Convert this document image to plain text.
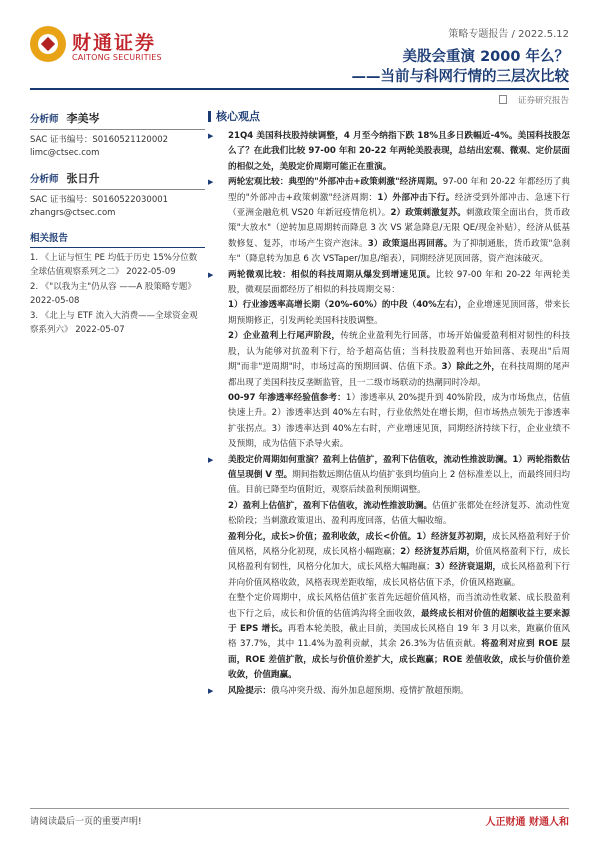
财通证券
CAITONG SECURITIES
策略专题报告 / 2022.5.12
美股会重演 2000 年么？
——当前与科网行情的三层次比较
证券研究报告
分析师 李美岑
SAC 证书编号：S0160521120002
limc@ctsec.com
分析师 张日升
SAC 证书编号：S0160522030001
zhangrs@ctsec.com
相关报告
1. 《上证与恒生 PE 均低于历史 15%分位数 全球估值观察系列之二》 2022-05-09
2. 《"以我为主"仍从容 ——A 股策略专题》 2022-05-08
3. 《北上与 ETF 流入大消费——全球资金观察系列六》 2022-05-07
核心观点

▶ 21Q4 美国科技股持续调整，4 月至今纳指下跌 18%且多日跌幅近-4%。美国科技股怎么了？在此我们比较 97-00 年和 20-22 年两轮美股表现，总结出宏观、微观、定价层面的相似之处，美股定价周期可能正在重演。

▶ 两轮宏观比较：典型的"外部冲击+政策刺激"经济周期。97-00 年和 20-22 年都经历了典型的"外部冲击+政策刺激"经济周期：1）外部冲击下行。经济受到外部冲击、急速下行（亚洲金融危机 VS20 年新冠疫情危机）。2）政策刺激复苏。刺激政策全面出台，货币政策"大放水"（逆转加息周期转而降息 3 次 VS 紧急降息/无限 QE/现金补贴），经济从低基数修复、复苏，市场产生资产泡沫。3）政策退出再回落。为了抑制通胀，货币政策"急刹车"（降息转为加息 6 次 VSTaper/加息/缩表），同期经济见顶回落，资产泡沫破灭。

▶ 两轮微观比较：相似的科技周期从爆发到增速见顶。比较 97-00 年和 20-22 年两轮美股，微观层面都经历了相似的科技周期交易：
1）行业渗透率高增长期（20%-60%）的中段（40%左右），企业增速见顶回落，带来长期预期修正，引发两轮美国科技股调整。
2）企业盈利上行尾声阶段，传统企业盈利先行回落，市场开始偏爱盈利相对韧性的科技股，认为能够对抗盈利下行，给予超高估值；当科技股盈利也开始回落、表现出"后周期"而非"逆周期"时，市场过高的预期回调、估值下杀。3）除此之外，在科技周期的尾声都出现了美国科技反垄断监管，且一二级市场联动的热潮同时冷却。

00-97 年渗透率经验值参考：1）渗透率从 20%提升到 40%阶段，成为市场焦点，估值快速上升。2）渗透率达到 40%左右时，行业依然处在增长期，但市场热点领先于渗透率扩张拐点。3）渗透率达到 40%左右时，产业增速见顶，同期经济持续下行，企业业绩不及预期，成为估值下杀导火索。

▶ 美股定价周期如何重演？盈利上估值扩，盈利下估值收，流动性推波助澜。1）两轮指数估值呈现倒 V 型。期间指数远期估值从均值扩张到均值向上 2 倍标准差以上，而最终回归均值。目前已降至均值附近，观察后续盈利预期调整。
2）盈利上估值扩，盈利下估值收，流动性推波助澜。估值扩张都处在经济复苏、流动性宽松阶段；当刺激政策退出、盈利再度回落，估值大幅收缩。
盈利分化，成长>价值；盈利收敛，成长<价值。1）经济复苏初期，成长风格盈利好于价值风格，风格分化初现，成长风格小幅跑赢；2）经济复苏后期，价值风格盈利下行，成长风格盈利有韧性，风格分化加大，成长风格大幅跑赢；3）经济衰退期，成长风格盈利下行并向价值风格收敛，风格表现差距收缩，成长风格估值下杀，价值风格跑赢。

在整个定价周期中，成长风格估值扩张首先远超价值风格，而当流动性收紧、成长股盈利也下行之后，成长和价值的估值鸿沟将全面收敛，最终成长相对价值的超额收益主要来源于 EPS 增长。再看本轮美股，截止目前，美国成长风格自 19 年 3 月以来，跑赢价值风格 37.7%，其中 11.4%为盈利贡献，其余 26.3%为估值贡献。将盈利对应到 ROE 层面，ROE 差值扩散，成长与价值价差扩大，成长跑赢；ROE 差值收敛，成长与价值价差收敛，价值跑赢。

▶ 风险提示：俄乌冲突升级、海外加息超预期、疫情扩散超预期。

请阅读最后一页的重要声明!	人正财通 财通人和
